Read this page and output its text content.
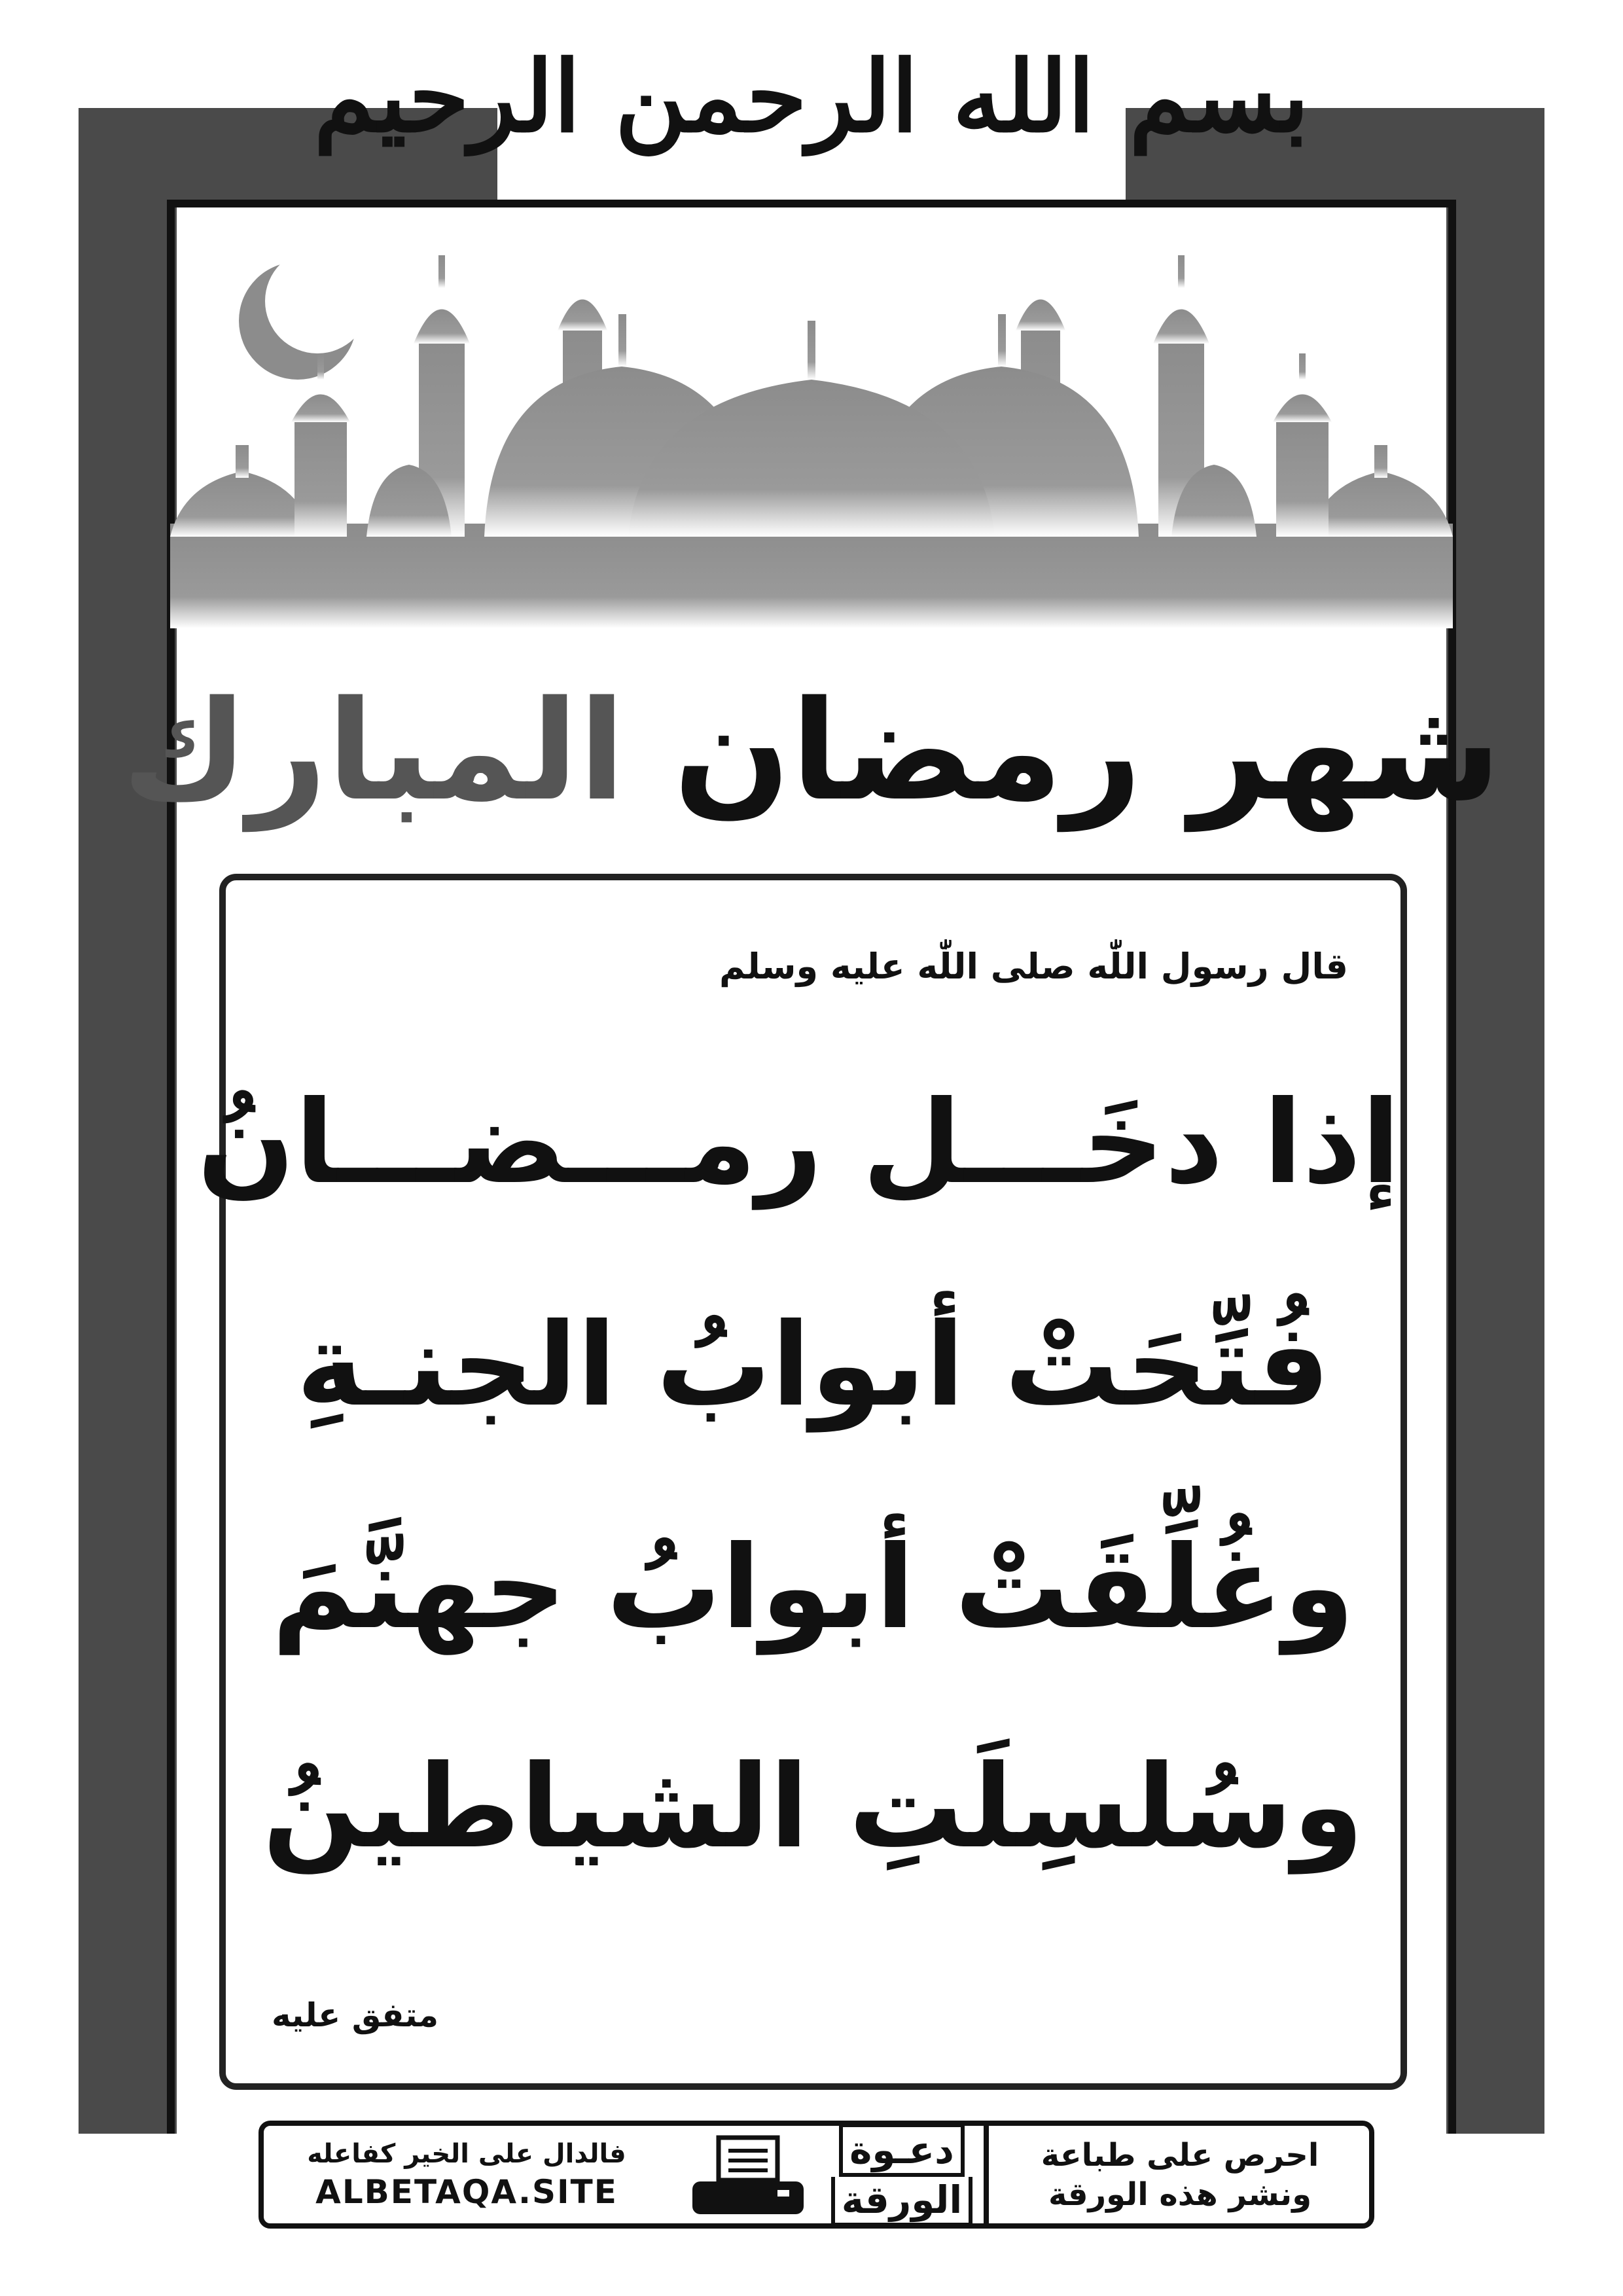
بسم الله الرحمن الرحيم
شهر رمضان المبارك
قال رسول اللّٰه صلى اللّٰه عليه وسلم
إذا دخَـــل رمـــضـــانُ
فُتِّحَتْ أبوابُ الجنـةِ
وغُلِّقَتْ أبوابُ جهنَّمَ
وسُلسِلَتِ الشياطينُ
متفق عليه
فالدال على الخير كفاعله
ALBETAQA.SITE
دعـوة
الورقة
احرص على طباعة
ونشر هذه الورقة
